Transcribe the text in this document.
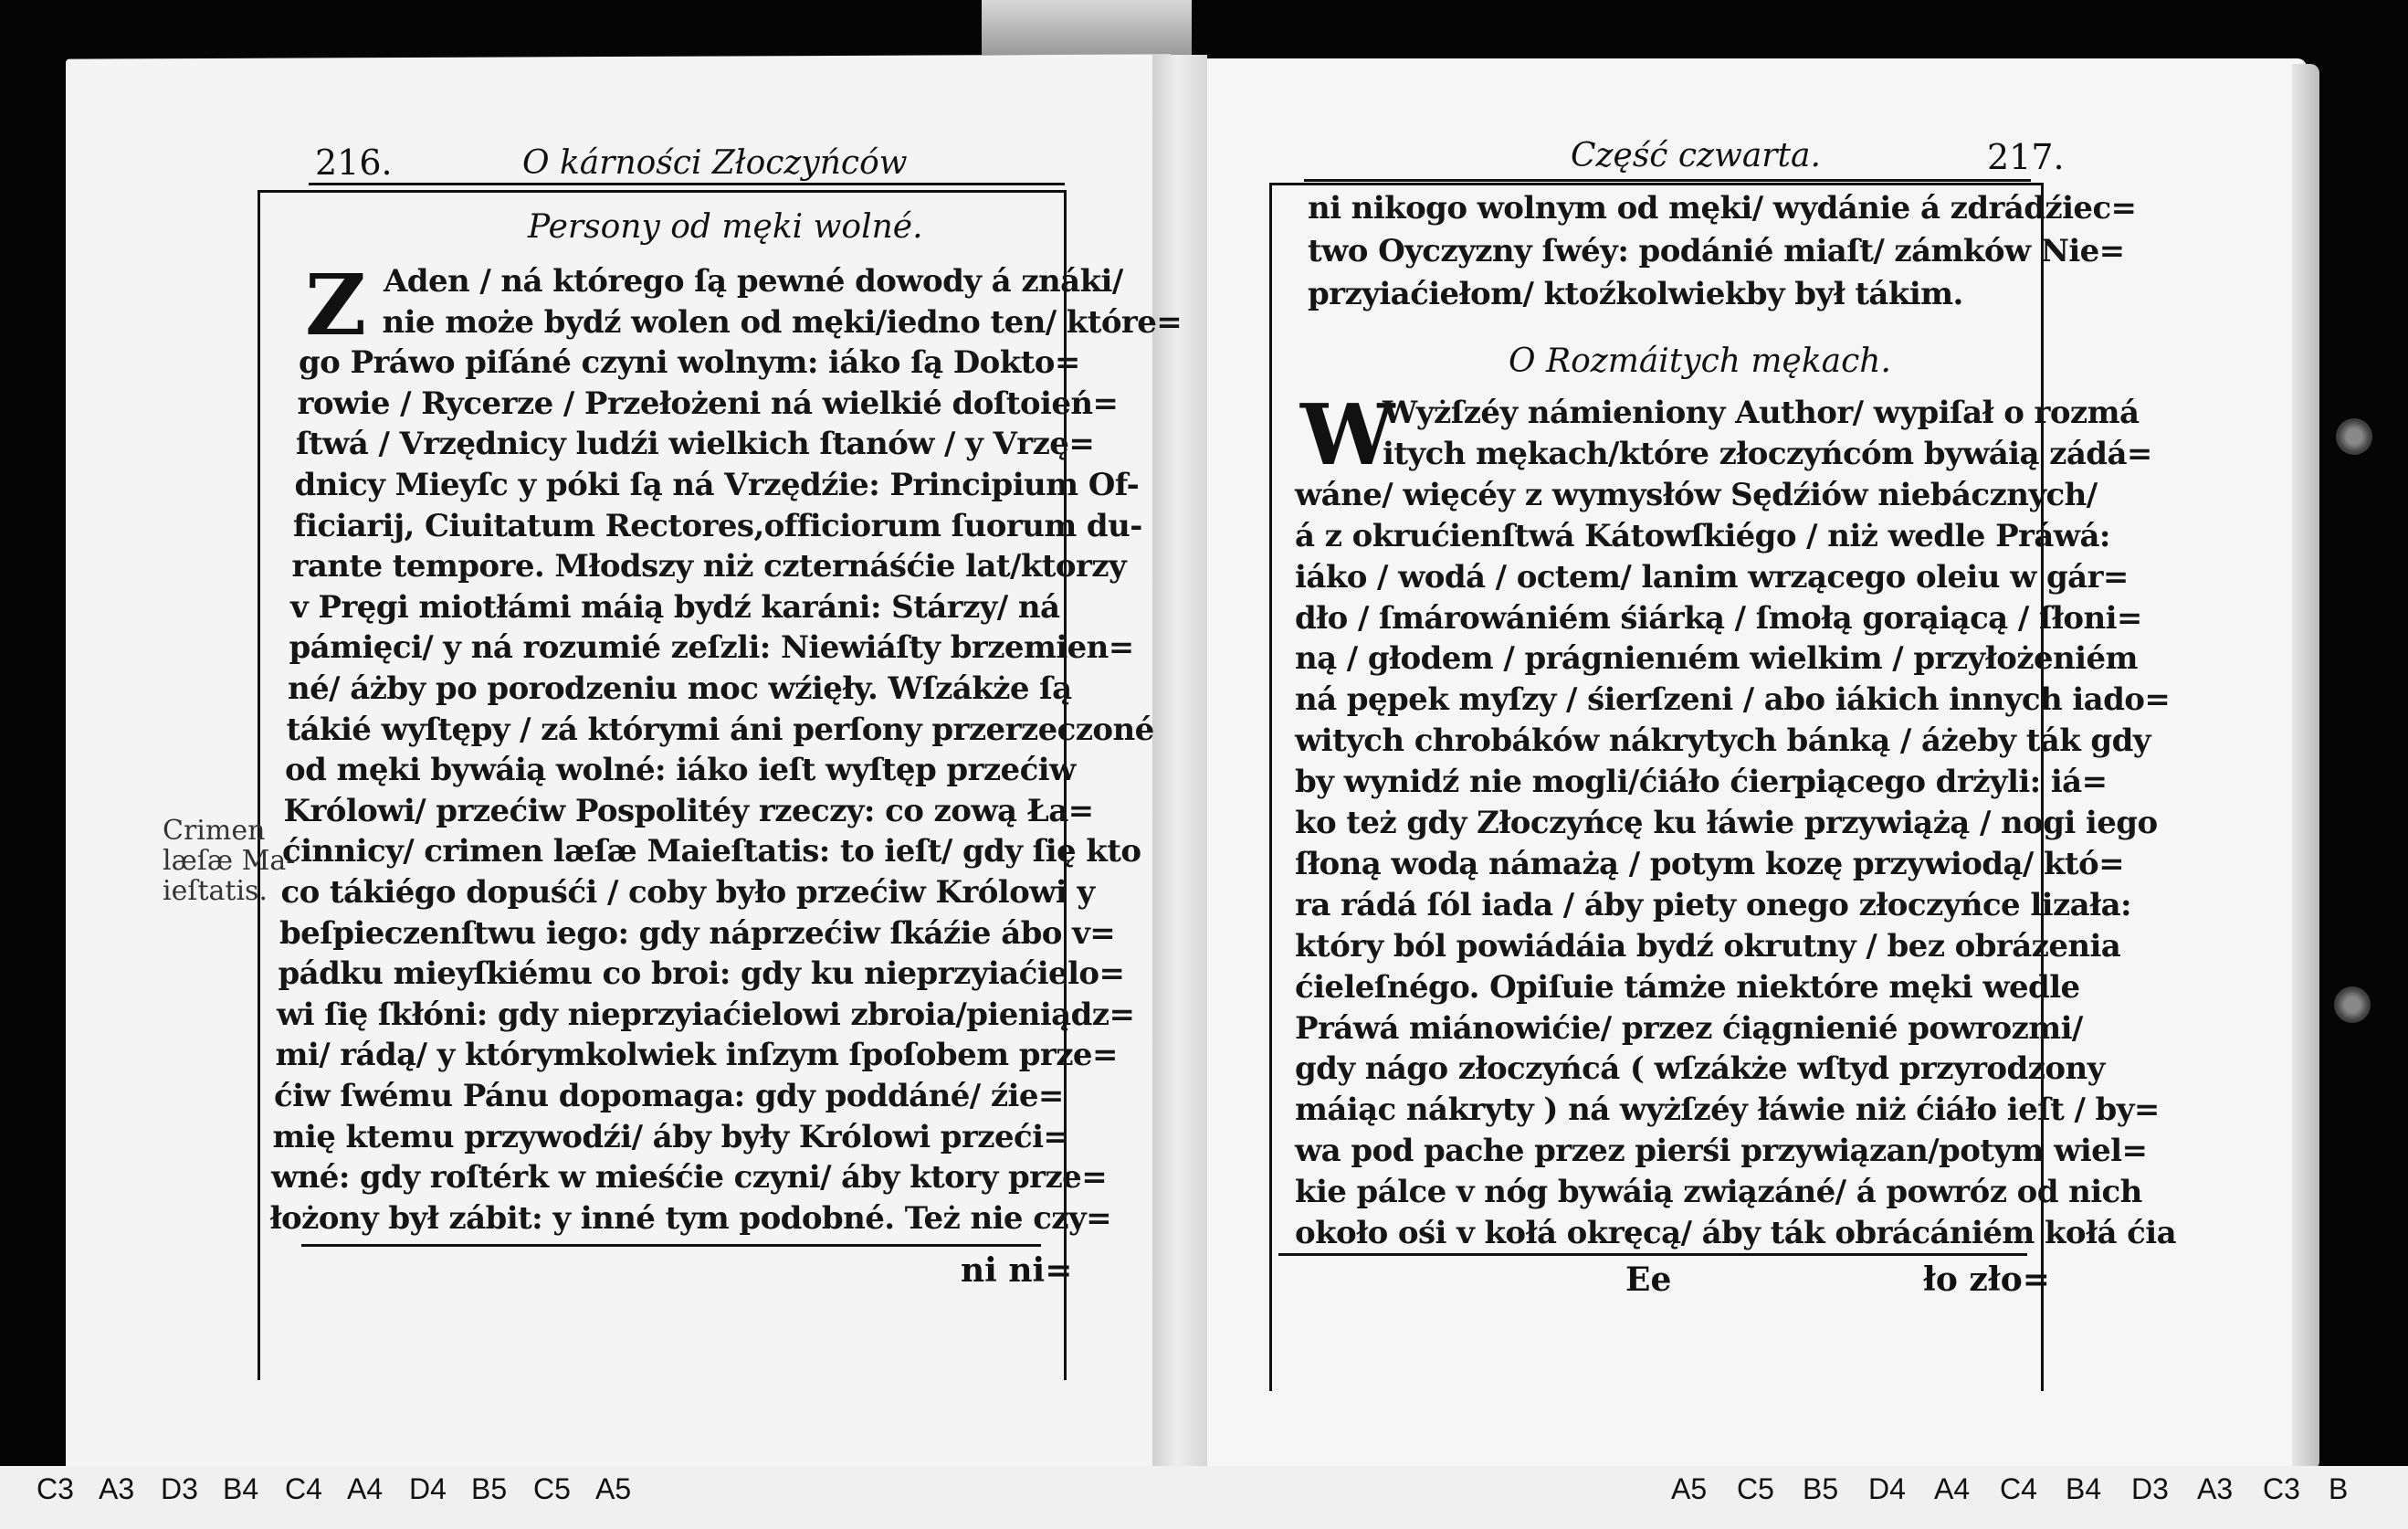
216.	O kárności Złoczyńców
Persony od męki wolné.
Z Aden / ná którego ſą pewné dowody á znáki/
nie może bydź wolen od męki/iedno ten/ które=
go Práwo piſáné czyni wolnym: iáko ſą Dokto=
rowie / Rycerze / Przełożeni ná wielkié doſtoień=
ſtwá / Vrzędnicy ludźi wielkich ſtanów / y Vrzę=
dnicy Mieyſc y póki ſą ná Vrzędźie: Principium Of-
ficiarij, Ciuitatum Rectores,officiorum ſuorum du-
rante tempore. Młodszy niż czternáśćie lat/ktorzy
v Pręgi miotłámi máią bydź karáni: Stárzy/ ná
pámięci/ y ná rozumié zeſzli: Niewiáſty brzemien=
né/ áżby po porodzeniu moc wźięły. Wſzákże ſą
tákié wyſtępy / zá którymi áni perſony przerzeczoné
od męki bywáią wolné: iáko ieſt wyſtęp przećiw
Królowi/ przećiw Pospolitéy rzeczy: co zową Ła=
ćinnicy/ crimen læſæ Maieſtatis: to ieſt/ gdy ſię kto
co tákiégo dopuśći / coby było przećiw Królowi y
beſpieczenſtwu iego: gdy náprzećiw ſkáźie ábo v=
pádku mieyſkiému co broi: gdy ku nieprzyiaćielo=
wi ſię ſkłóni: gdy nieprzyiaćielowi zbroia/pieniądz=
mi/ rádą/ y którymkolwiek inſzym ſpoſobem prze=
ćiw ſwému Pánu dopomaga: gdy poddáné/ źie=
mię ktemu przywodźi/ áby były Królowi przeći=
wné: gdy roſtérk w mieśćie czyni/ áby ktory prze=
łożony był zábit: y inné tym podobné. Też nie czy=
ni ni=
Crimen
læſæ Ma-
ieſtatis.
Część czwarta.	217.
ni nikogo wolnym od męki/ wydánie á zdrádźiec=
two Oyczyzny ſwéy: podánié miaſt/ zámków Nie=
przyiaćiełom/ ktoźkolwiekby był tákim.
O Rozmáitych mękach.
W
Wyżſzéy námieniony Author/ wypiſał o rozmá
itych mękach/które złoczyńcóm bywáią zádá=
wáne/ więcéy z wymysłów Sędźiów niebácznych/
á z okrućienſtwá Kátowſkiégo / niż wedle Práwá:
iáko / wodá / octem/ lanim wrzącego oleiu w gár=
dło / ſmárowániém śiárką / ſmołą gorąiącą / ſłoni=
ną / głodem / prágnienıém wielkim / przyłożeniém
ná pępek myſzy / śierſzeni / abo iákich innych iado=
witych chrobáków nákrytych bánką / áżeby ták gdy
by wynidź nie mogli/ćiáło ćierpiącego drżyli: iá=
ko też gdy Złoczyńcę ku łáwie przywiążą / nogi iego
ſłoną wodą námażą / potym kozę przywiodą/ któ=
ra rádá ſól iada / áby piety onego złoczyńce lizała:
który ból powiádáia bydź okrutny / bez obrázenia
ćieleſnégo. Opiſuie támże niektóre męki wedle
Práwá miánowićie/ przez ćiągnienié powrozmi/
gdy nágo złoczyńcá ( wſzákże wſtyd przyrodzony
máiąc nákryty ) ná wyżſzéy łáwie niż ćiáło ieſt / by=
wa pod pache przez pierśi przywiązan/potym wiel=
kie pálce v nóg bywáią związáné/ á powróz od nich
około ośi v kołá okręcą/ áby ták obrácániém kołá ćia
Ee	ło zło=
C3 A3 D3 B4 C4 A4 D4 B5 C5 A5	A5 C5 B5 D4 A4 C4 B4 D3 A3 C3 B
